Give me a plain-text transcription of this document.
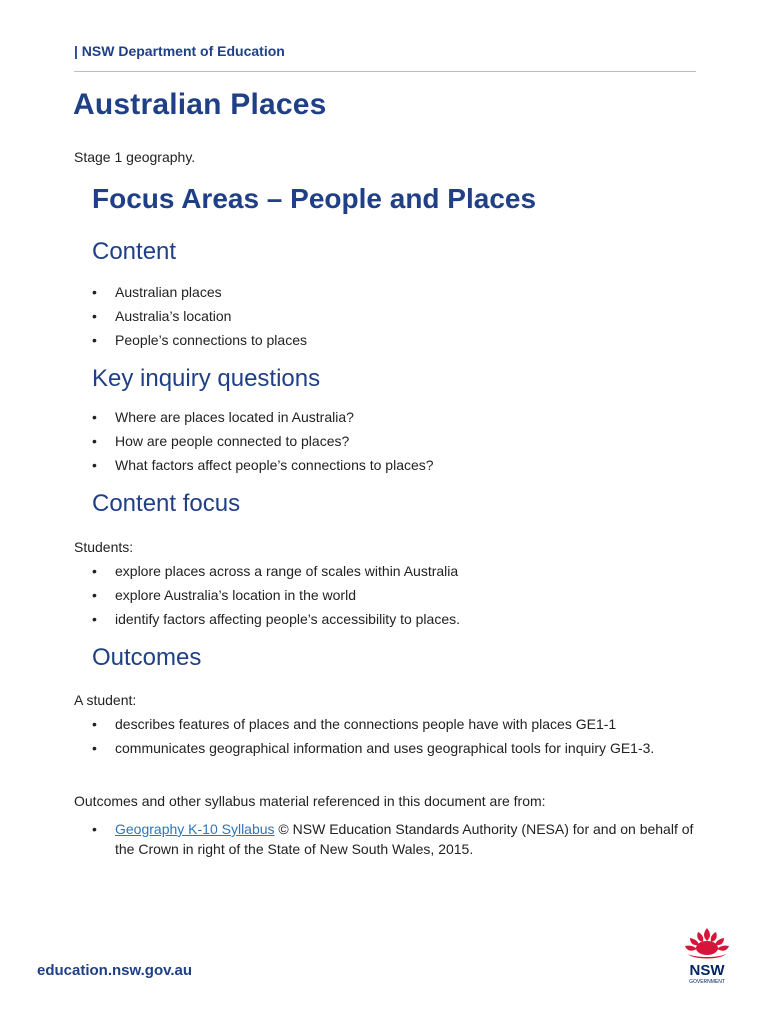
| NSW Department of Education
Australian Places

Stage 1 geography.

Focus Areas – People and Places
Content
• Australian places
• Australia’s location
• People’s connections to places
Key inquiry questions
• Where are places located in Australia?
• How are people connected to places?
• What factors affect people’s connections to places?
Content focus

Students:

• explore places across a range of scales within Australia
• explore Australia’s location in the world
• identify factors affecting people’s accessibility to places.
Outcomes

A student:

• describes features of places and the connections people have with places GE1-1
• communicates geographical information and uses geographical tools for inquiry GE1-3.

Outcomes and other syllabus material referenced in this document are from:

• Geography K-10 Syllabus © NSW Education Standards Authority (NESA) for and on behalf of the Crown in right of the State of New South Wales, 2015.
education.nsw.gov.au	NSW
GOVERNMENT
